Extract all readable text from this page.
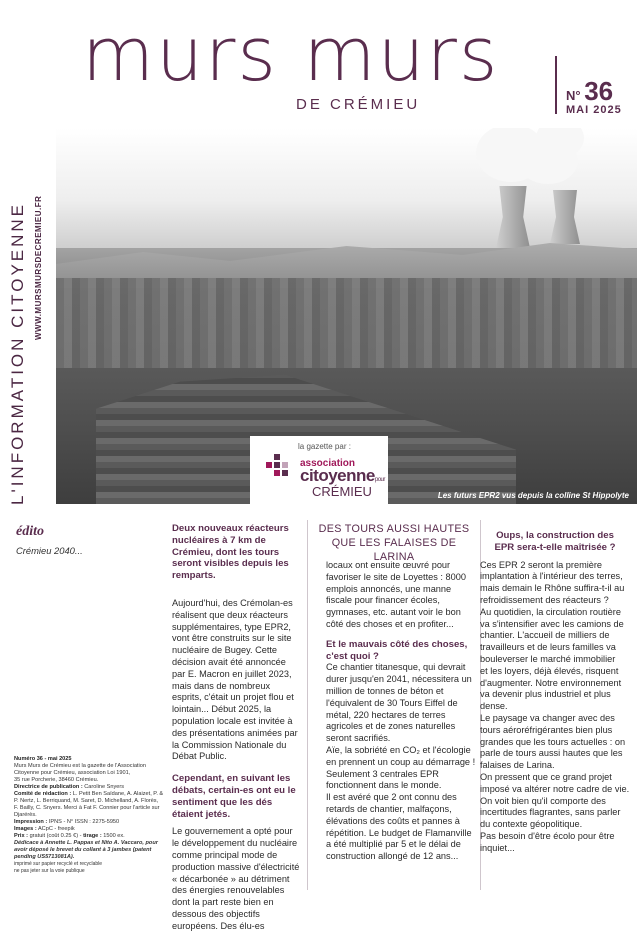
murs murs
DE CRÉMIEU
N° 36
MAI 2025
L'INFORMATION CITOYENNE WWW.MURSMURSDECREMIEU.FR
Les futurs EPR2 vus depuis la colline St Hippolyte
la gazette par :
association
citoyennepour
CRÉMIEU
édito
Crémieu 2040...
Numéro 36 - mai 2025
Murs Murs de Crémieu est la gazette de l'Association Citoyenne pour Crémieu, association Loi 1901,
35 rue Porcherie, 38460 Crémieu.
Directrice de publication : Caroline Snyers
Comité de rédaction : L. Petit Ben Saïdane, A. Alaizet, P. & P. Nertz, L. Berriquand, M. Saret, D. Michelland, A. Florès, F. Bailly, C. Snyers. Merci à Fat F. Connier pour l'article sur Djarérès.
Impression : IPNS - N° ISSN : 2275-5950
Images : ACpC - freepik
Prix : gratuit (coût 0.25 €) - tirage : 1500 ex.
Dédicace à Annette L. Pappas et Nito A. Vaccaro, pour avoir déposé le brevet du collant à 3 jambes (patent pending US5713081A).
imprimé sur papier recyclé et recyclable
ne pas jeter sur la voie publique
Deux nouveaux réacteurs nucléaires à 7 km de Crémieu, dont les tours seront visibles depuis les remparts.

Aujourd'hui, des Crémolan-es réalisent que deux réacteurs supplémentaires, type EPR2, vont être construits sur le site nucléaire de Bugey. Cette décision avait été annoncée par E. Macron en juillet 2023, mais dans de nombreux esprits, c'était un projet flou et lointain... Début 2025, la population locale est invitée à des présentations animées par la Commission Nationale du Débat Public.

Cependant, en suivant les débats, certain-es ont eu le sentiment que les dés étaient jetés.

Le gouvernement a opté pour le développement du nucléaire comme principal mode de production massive d'électricité « décarbonée » au détriment des énergies renouvelables dont la part reste bien en dessous des objectifs européens. Des élu-es

DES TOURS AUSSI HAUTES QUE LES FALAISES DE LARINA

locaux ont ensuite œuvré pour favoriser le site de Loyettes : 8000 emplois annoncés, une manne fiscale pour financer écoles, gymnases, etc. autant voir le bon côté des choses et en profiter...

Et le mauvais côté des choses, c'est quoi ?

Ce chantier titanesque, qui devrait durer jusqu'en 2041, nécessitera un million de tonnes de béton et l'équivalent de 30 Tours Eiffel de métal, 220 hectares de terres agricoles et de zones naturelles seront sacrifiés.

Aïe, la sobriété en CO₂ et l'écologie en prennent un coup au démarrage !

Seulement 3 centrales EPR fonctionnent dans le monde.

Il est avéré que 2 ont connu des retards de chantier, malfaçons, élévations des coûts et pannes à répétition. Le budget de Flamanville a été multiplié par 5 et le délai de construction allongé de 12 ans...

Oups, la construction des EPR sera-t-elle maîtrisée ?

Ces EPR 2 seront la première implantation à l'intérieur des terres, mais demain le Rhône suffira-t-il au refroidissement des réacteurs ?

Au quotidien, la circulation routière va s'intensifier avec les camions de chantier. L'accueil de milliers de travailleurs et de leurs familles va bouleverser le marché immobilier

et les loyers, déjà élevés, risquent d'augmenter. Notre environnement va devenir plus industriel et plus dense.

Le paysage va changer avec des tours aéroréfrigérantes bien plus grandes que les tours actuelles : on parle de tours aussi hautes que les falaises de Larina.

On pressent que ce grand projet imposé va altérer notre cadre de vie. On voit bien qu'il comporte des incertitudes flagrantes, sans parler du contexte géopolitique.

Pas besoin d'être écolo pour être inquiet...
